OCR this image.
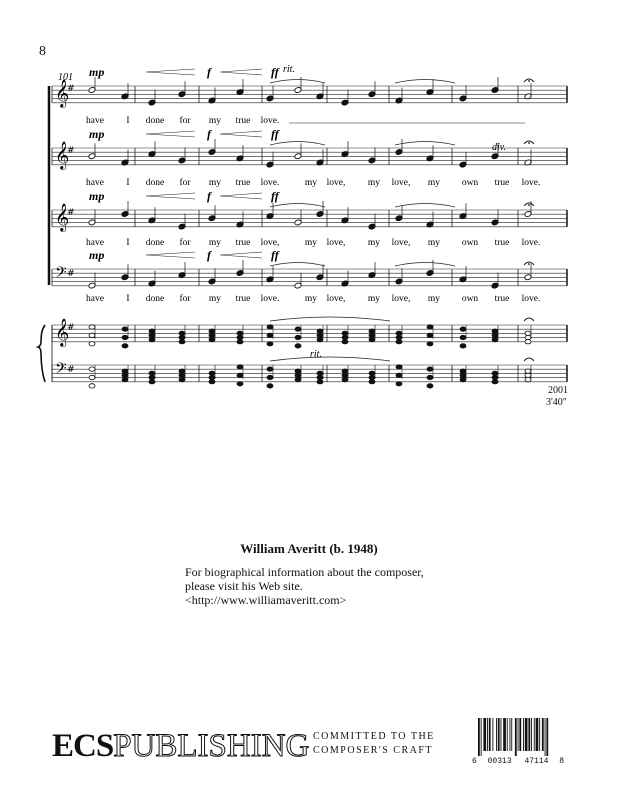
8
101
rit.
div.
rit.
𝄞
#
𝄞
#
𝄞
#
𝄢 #
𝄞
#
𝄢 #
mp	f	ff
mp	f	ff
mp	f	ff
mp	f	ff
have I done for my true love.
have I done for my true love.	my love, my love, my own true love.
have I done for my true love,	my love, my love, my own true love.
have I done for my true love.	my love, my love, my own true love.
2001
3'40"
William Averitt (b. 1948)
For biographical information about the composer,
please visit his Web site.
<http://www.williamaveritt.com>
ECS PUBLISHING COMMITTED TO THE
COMPOSER'S CRAFT
6 00313 47114 8
